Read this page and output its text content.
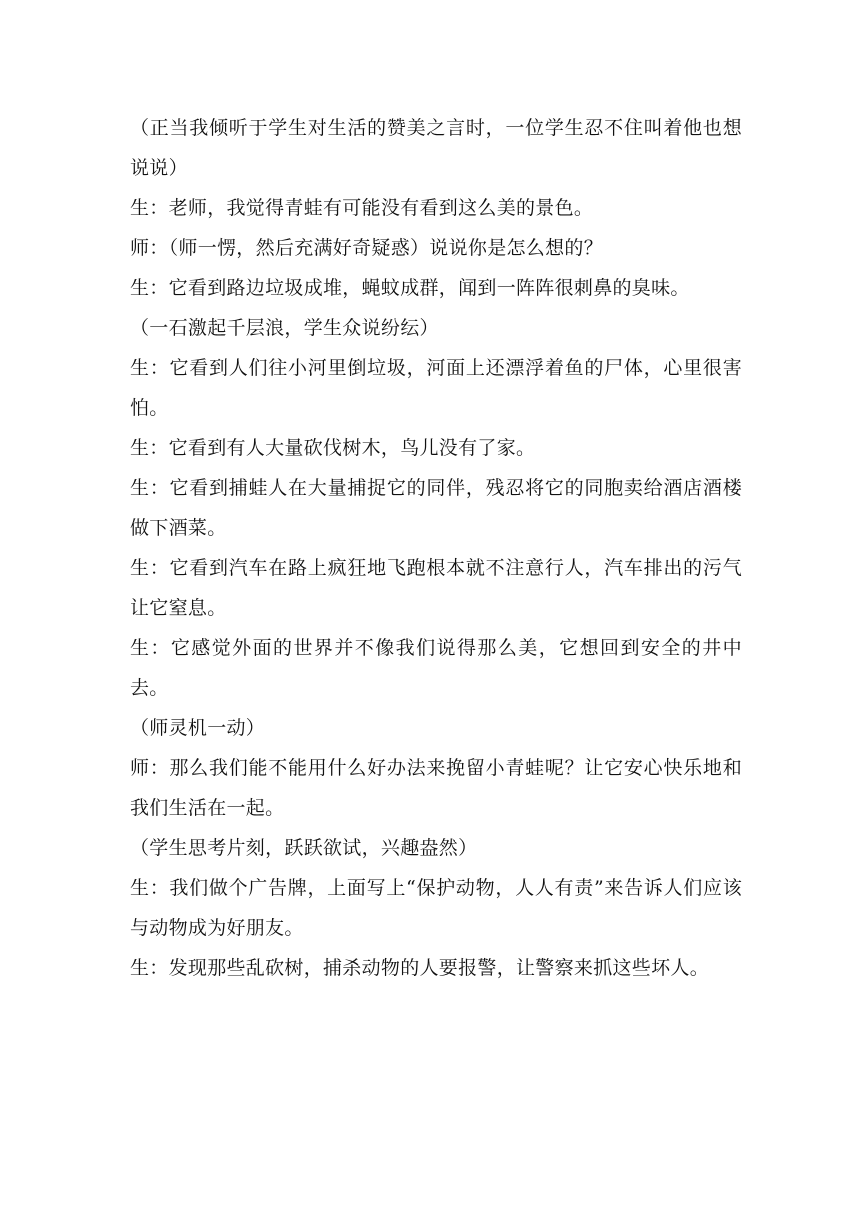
（正当我倾听于学生对生活的赞美之言时，一位学生忍不住叫着他也想说说）

生：老师，我觉得青蛙有可能没有看到这么美的景色。

师：（师一愣，然后充满好奇疑惑）说说你是怎么想的？

生：它看到路边垃圾成堆，蝇蚊成群，闻到一阵阵很刺鼻的臭味。

（一石激起千层浪，学生众说纷纭）

生：它看到人们往小河里倒垃圾，河面上还漂浮着鱼的尸体，心里很害怕。

生：它看到有人大量砍伐树木，鸟儿没有了家。

生：它看到捕蛙人在大量捕捉它的同伴，残忍将它的同胞卖给酒店酒楼做下酒菜。

生：它看到汽车在路上疯狂地飞跑根本就不注意行人，汽车排出的污气让它窒息。

生：它感觉外面的世界并不像我们说得那么美，它想回到安全的井中去。

（师灵机一动）

师：那么我们能不能用什么好办法来挽留小青蛙呢？让它安心快乐地和我们生活在一起。

（学生思考片刻，跃跃欲试，兴趣盎然）

生：我们做个广告牌，上面写上“保护动物，人人有责”来告诉人们应该与动物成为好朋友。

生：发现那些乱砍树，捕杀动物的人要报警，让警察来抓这些坏人。
